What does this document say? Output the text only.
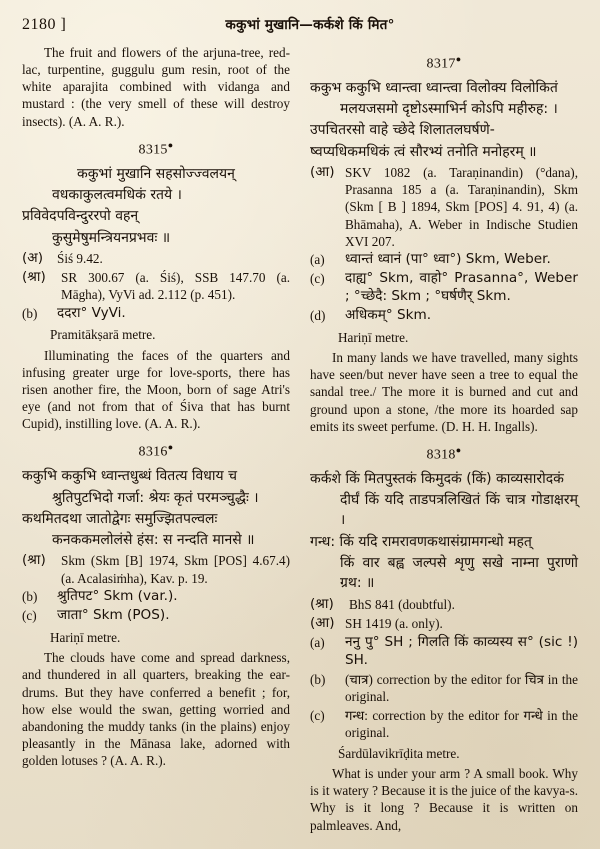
2180 ]	ककुभां मुखानि—कर्कशे किं मित°

The fruit and flowers of the arjuna-tree, red-lac, turpentine, guggulu gum resin, root of the white aparajita combined with vidanga and mustard : (the very smell of these will destroy insects). (A. A. R.).

8315●
ककुभां मुखानि सहसोज्ज्वलयन्
वधकाकुलत्वमधिकं रतये ।
प्रविवेदपविन्दुररपो वहन्
कुसुमेषुमन्त्रियनप्रभवः ॥
(अ)	Śiś 9.42.
(श्रा)	SR 300.67 (a. Śiś), SSB 147.70 (a. Māgha), VyVi ad. 2.112 (p. 451).
(b)	ददरा° VyVi.
Pramitākṣarā metre.

Illuminating the faces of the quarters and infusing greater urge for love-sports, there has risen another fire, the Moon, born of sage Atri's eye (and not from that of Śiva that has burnt Cupid), instilling love. (A. A. R.).

8316●
ककुभि ककुभि ध्वान्तधुब्धं वितत्य विधाय च
श्रुतिपुटभिदो गर्जा: श्रेयः कृतं परमञ्चुद्धैः ।
कथमितदथा जातोद्वेगः समुज्झितपल्वलः
कनककमलोलंसे हंस: स नन्दति मानसे ॥
(श्रा)	Skm (Skm [B] 1974, Skm [POS] 4.67.4) (a. Acalasiṁha), Kav. p. 19.
(b)	श्रुतिपट° Skm (var.).
(c)	जाता° Skm (POS).
Hariṇī metre.

The clouds have come and spread darkness, and thundered in all quarters, breaking the ear-drums. But they have conferred a benefit ; for, how else would the swan, getting worried and abandoning the muddy tanks (in the plains) enjoy pleasantly in the Mānasa lake, adorned with golden lotuses ? (A. A. R.).

8317●
ककुभ ककुभि ध्वान्त्वा ध्वान्त्वा विलोक्य विलोकितं
मलयजसमो दृष्टोऽस्माभिर्न कोऽपि महीरुह: ।
उपचितरसो वाहे च्छेदे शिलातलघर्षणे-
ष्वप्यधिकमधिकं त्वं सौरभ्यं तनोति मनोहरम् ॥
(आ) SKV 1082 (a. Taraṇinandin) (°dana), Prasanna 185 a (a. Taraṇinandin), Skm (Skm [ B ] 1894, Skm [POS] 4. 91, 4) (a. Bhāmaha), A. Weber in Indische Studien XVI 207.
(a)	ध्वान्तं ध्वानं (पा° ध्वा°) Skm, Weber.
(c)	दाह्य° Skm, वाहो° Prasanna°, Weber ; °च्छेदै: Skm ; °घर्षणैर् Skm.
(d)	अधिकम्° Skm.
Hariṇī metre.

In many lands we have travelled, many sights have seen/but never have seen a tree to equal the sandal tree./ The more it is burned and cut and ground upon a stone, /the more its hoarded sap emits its sweet perfume. (D. H. H. Ingalls).

8318●
कर्कशे किं मितपुस्तकं किमुदकं (किं) काव्यसारोदकं
दीर्घं किं यदि ताडपत्रलिखितं किं चात्र गोडाक्षरम् ।
गन्ध: किं यदि रामरावणकथासंग्रामगन्धो महत्
किं वार बह्व जल्पसे शृणु सखे नाम्ना पुराणो ग्रथ: ॥
(श्रा)	BhS 841 (doubtful).
(आ) SH 1419 (a. only).
(a)	ननु पु° SH ; गिलति किं काव्यस्य स° (sic !) SH.
(b)	(चात्र) correction by the editor for चित्र in the original.
(c)	गन्ध: correction by the editor for गन्धे in the original.
Śardūlavikrīḍita metre.

What is under your arm ? A small book. Why is it watery ? Because it is the juice of the kavya-s. Why is it long ? Because it is written on palmleaves. And,
